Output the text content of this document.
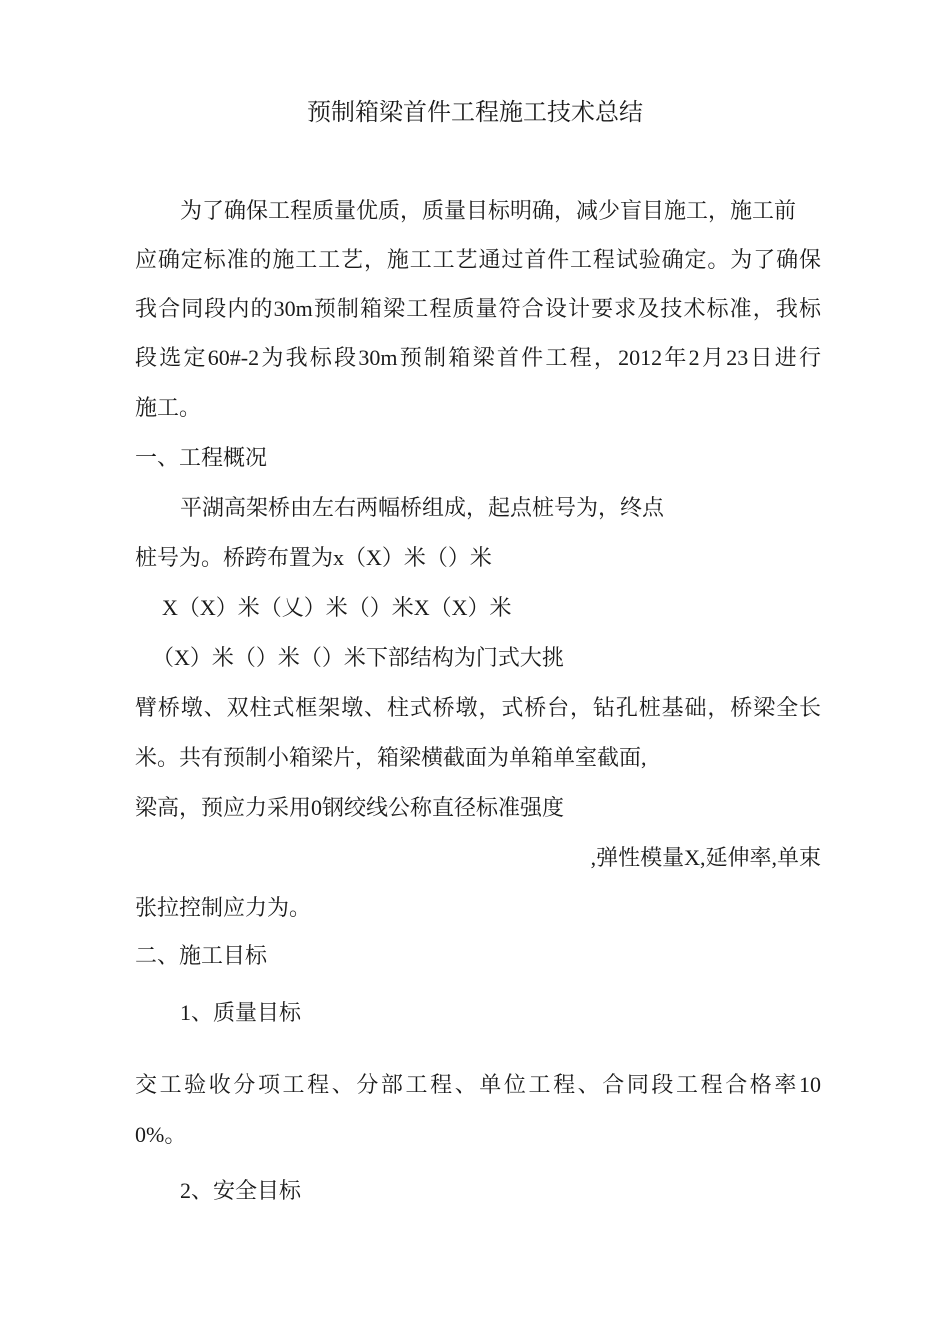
预制箱梁首件工程施工技术总结
为了确保工程质量优质，质量目标明确，减少盲目施工，施工前
应确定标准的施工工艺，施工工艺通过首件工程试验确定。为了确保
我合同段内的30m预制箱梁工程质量符合设计要求及技术标准，我标
段选定60#-2为我标段30m预制箱梁首件工程，2012年2月23日进行
施工。
一、工程概况
平湖高架桥由左右两幅桥组成，起点桩号为，终点
桩号为。桥跨布置为x（X）米（）米
X（X）米（乂）米（）米X（X）米
（X）米（）米（）米下部结构为门式大挑
臂桥墩、双柱式框架墩、柱式桥墩，式桥台，钻孔桩基础，桥梁全长
米。共有预制小箱梁片，箱梁横截面为单箱单室截面,
梁高，预应力采用0钢绞线公称直径标准强度
,弹性模量X,延伸率,单束
张拉控制应力为。
二、施工目标
1、质量目标
交工验收分项工程、分部工程、单位工程、合同段工程合格率10
0%。
2、安全目标
